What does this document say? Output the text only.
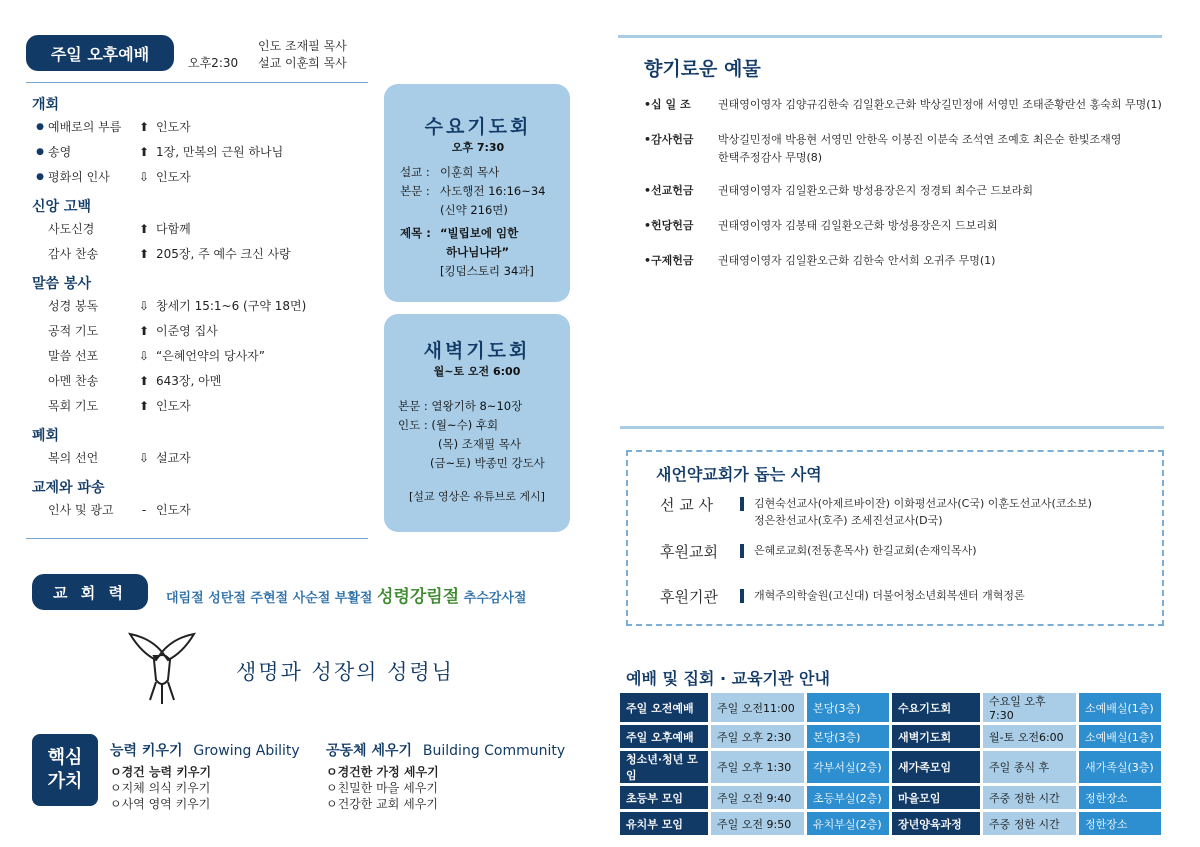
주일 오후예배	오후2:30
인도 조재필 목사
설교 이훈희 목사
개회
● 예배로의 부름	⬆ 인도자
● 송영	⬆ 1장, 만복의 근원 하나님
● 평화의 인사	⇩ 인도자
신앙 고백
사도신경	⬆ 다함께
감사 찬송	⬆ 205장, 주 예수 크신 사랑
말씀 봉사
성경 봉독	⇩ 창세기 15:1~6 (구약 18면)
공적 기도	⬆ 이준영 집사
말씀 선포	⇩ “은혜언약의 당사자”
아멘 찬송	⬆ 643장, 아멘
목회 기도	⬆ 인도자
폐회
복의 선언	⇩ 설교자
교제와 파송
인사 및 광고	- 인도자
수요기도회
오후 7:30
설교 : 이훈희 목사
본문 : 사도행전 16:16~34
(신약 216면)
제목 : “빌립보에 임한
하나님나라”
[킹덤스토리 34과]
새벽기도회
월~토 오전 6:00
본문 : 열왕기하 8~10장
인도 : (월~수) 후회
(목) 조재필 목사
(금~토) 박종민 강도사
[설교 영상은 유튜브로 게시]
교 회 력	대림절 성탄절 주현절 사순절 부활절 성령강림절 추수감사절
생명과 성장의 성령님
핵심
가치
능력 키우기 Growing Ability
ㅇ경건 능력 키우기
ㅇ지체 의식 키우기
ㅇ사역 영역 키우기
공동체 세우기 Building Community
ㅇ경건한 가정 세우기
ㅇ친밀한 마을 세우기
ㅇ건강한 교회 세우기
향기로운 예물
•십 일 조	권태영이영자 김양규김한숙 김일환오근화 박상길민정애 서영민 조태준황란선 홍숙희 무명(1)
•감사헌금	박상길민정애 박용현 서영민 안한옥 이봉진 이분숙 조석연 조예호 최은순 한빛조재영
한택주정감사 무명(8)
•선교헌금	권태영이영자 김일환오근화 방성용장은지 정경퇴 최수근 드보라회
•헌당헌금	권태영이영자 김봉태 김일환오근화 방성용장은지 드보리회
•구제헌금	권태영이영자 김일환오근화 김한숙 안서희 오귀주 무명(1)
새언약교회가 돕는 사역
선 교 사	김현숙선교사(아제르바이잔) 이화평선교사(C국) 이훈도선교사(코소보)
정은찬선교사(호주) 조세진선교사(D국)
후원교회	은혜로교회(전동훈목사) 한길교회(손재익목사)
후원기관	개혁주의학술원(고신대) 더불어청소년회복센터 개혁정론
예배 및 집회 · 교육기관 안내
주일 오전예배	주일 오전11:00	본당(3층)	수요기도회	수요일 오후7:30	소예배실(1층)
주일 오후예배	주일 오후 2:30	본당(3층)	새벽기도회	월-토 오전6:00	소예배실(1층)
청소년·청년 모임	주일 오후 1:30	각부서실(2층)	새가족모임	주일 종식 후	새가족실(3층)
초등부 모임	주일 오전 9:40	초등부실(2층)	마을모임	주중 정한 시간	정한장소
유치부 모임	주일 오전 9:50	유치부실(2층)	장년양육과정	주중 정한 시간	정한장소
